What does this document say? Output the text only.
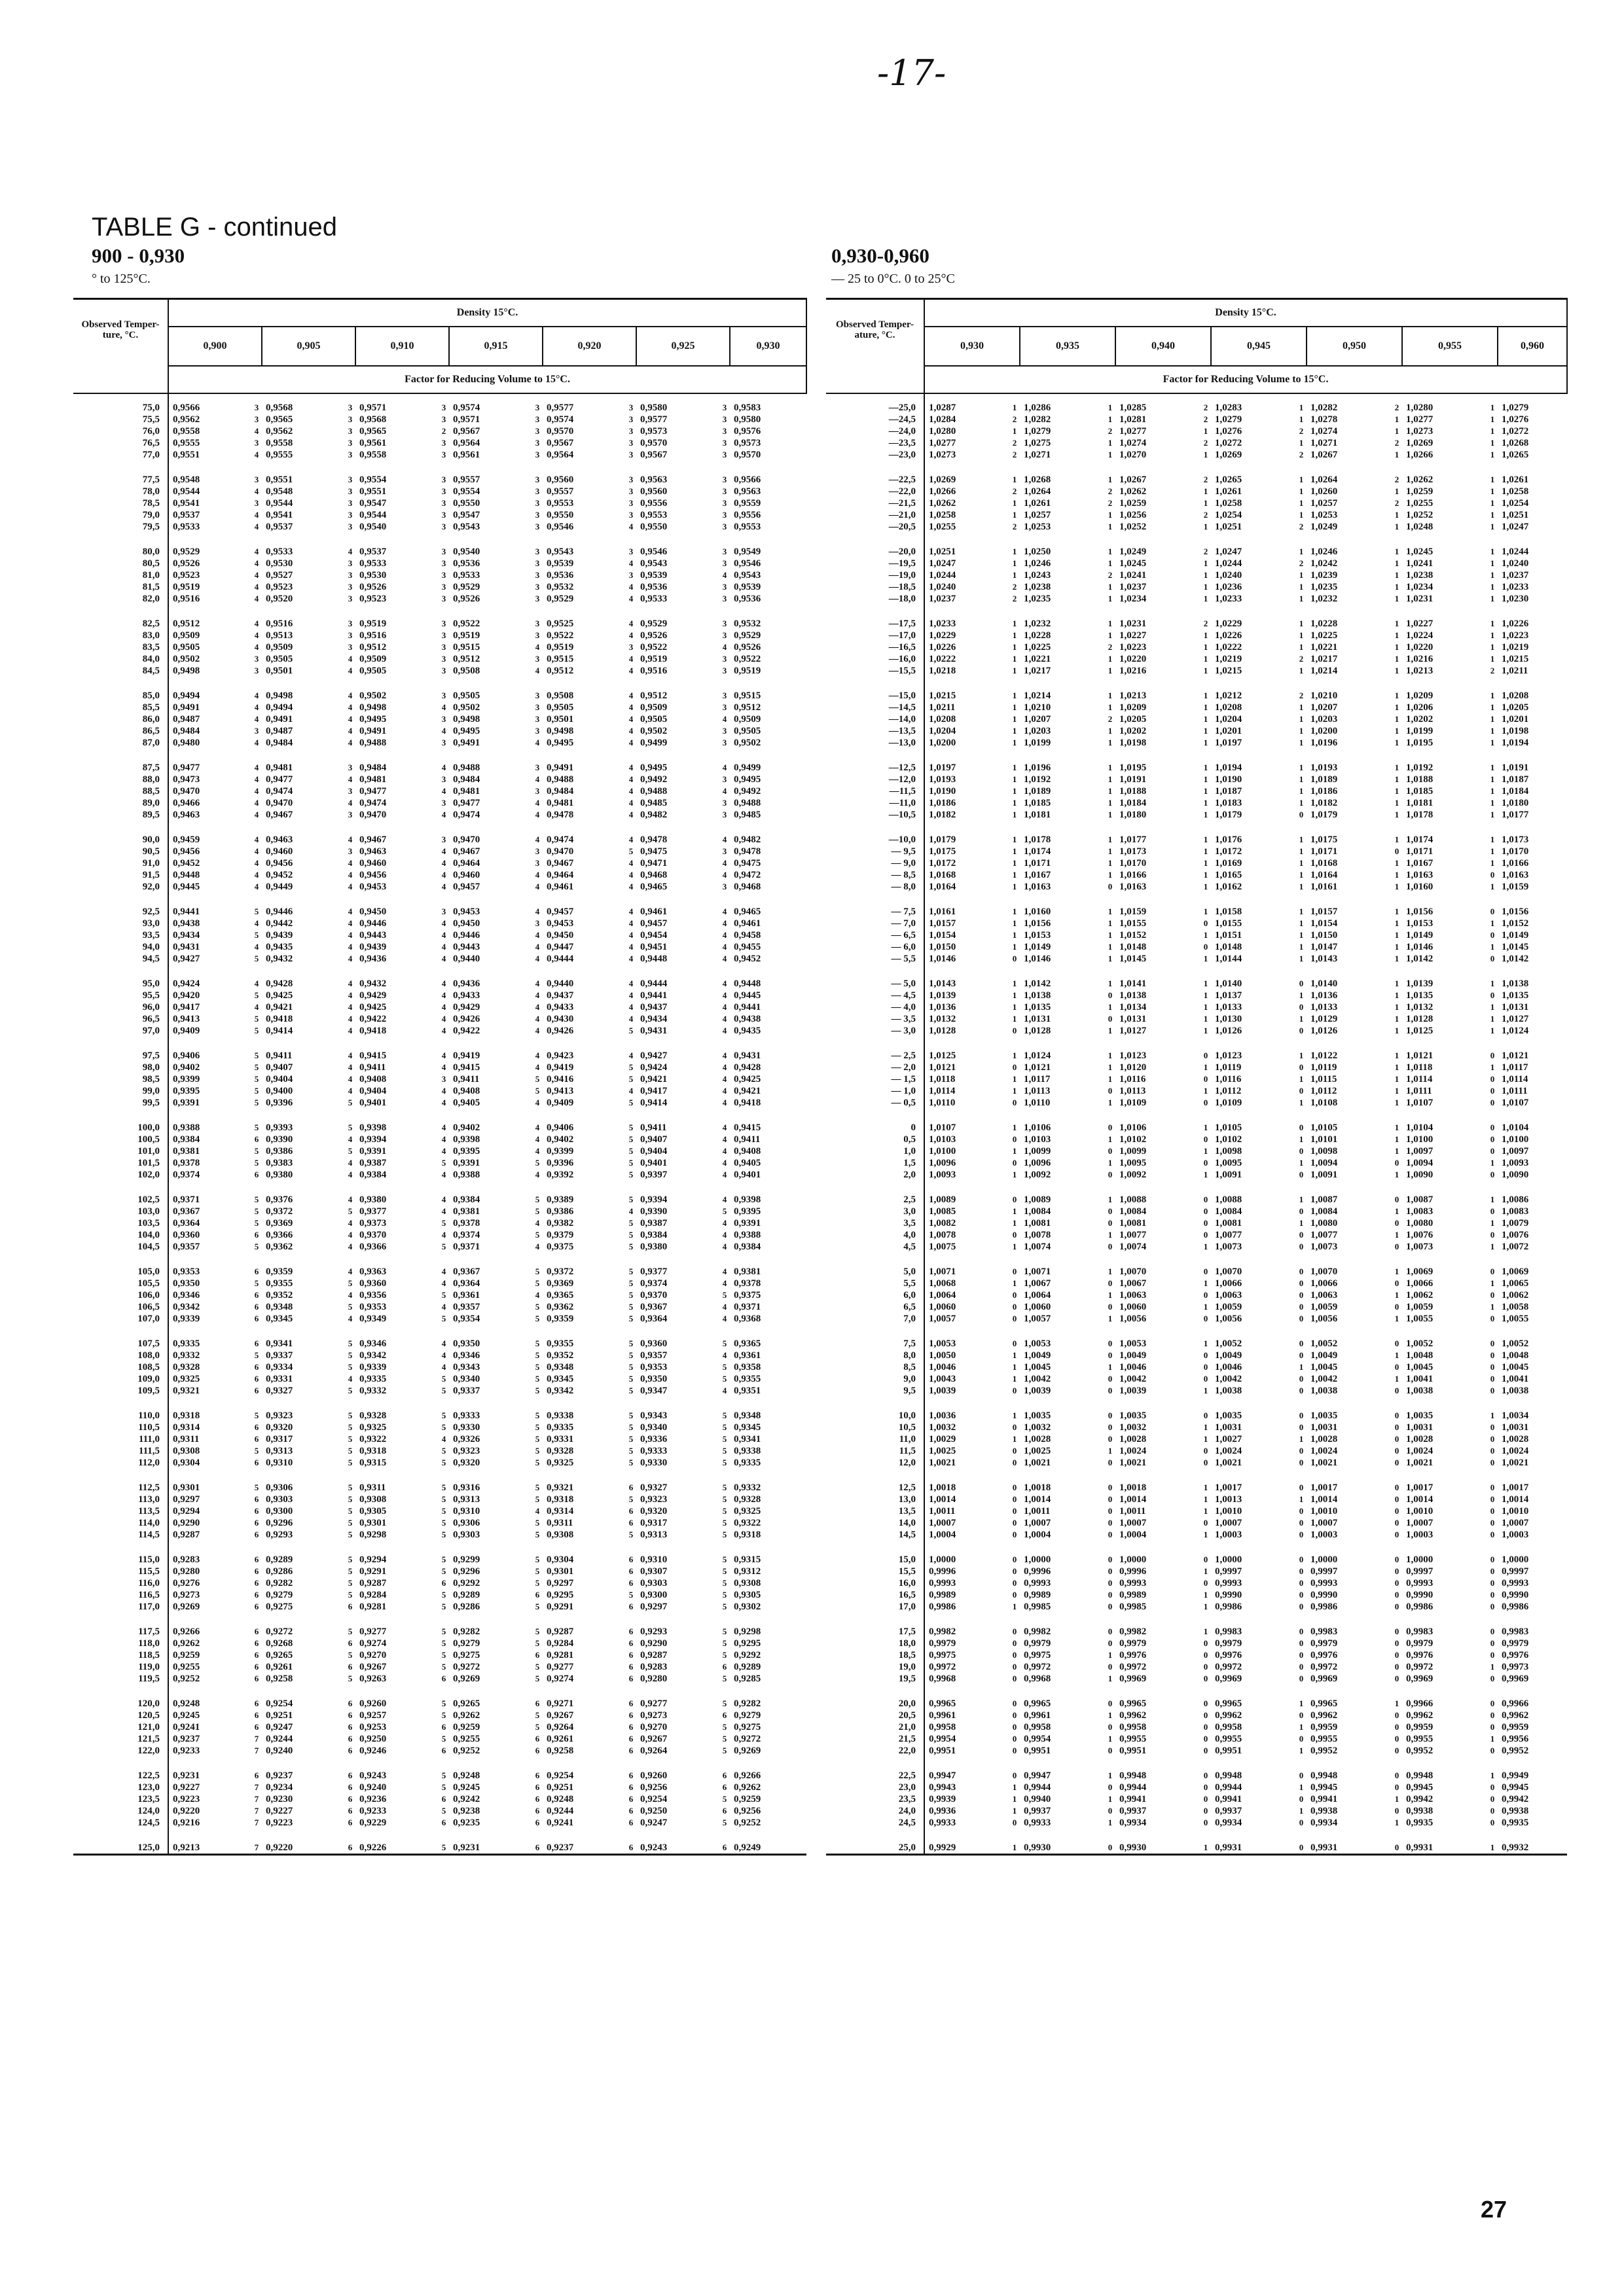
-17-
TABLE G - continued
900 - 0,930
° to 125°C.
0,930-0,960
— 25 to 0°C. 0 to 25°C
Observed Temper- ture, °C.	Density 15°C.												
	0,900		0,905		0,910		0,915		0,920		0,925		0,930
	Factor for Reducing Volume to 15°C.												

75,0	0,9566	3	0,9568	3	0,9571	3	0,9574	3	0,9577	3	0,9580	3	0,9583
75,5	0,9562	3	0,9565	3	0,9568	3	0,9571	3	0,9574	3	0,9577	3	0,9580
76,0	0,9558	4	0,9562	3	0,9565	2	0,9567	3	0,9570	3	0,9573	3	0,9576
76,5	0,9555	3	0,9558	3	0,9561	3	0,9564	3	0,9567	3	0,9570	3	0,9573
77,0	0,9551	4	0,9555	3	0,9558	3	0,9561	3	0,9564	3	0,9567	3	0,9570

77,5	0,9548	3	0,9551	3	0,9554	3	0,9557	3	0,9560	3	0,9563	3	0,9566
78,0	0,9544	4	0,9548	3	0,9551	3	0,9554	3	0,9557	3	0,9560	3	0,9563
78,5	0,9541	3	0,9544	3	0,9547	3	0,9550	3	0,9553	3	0,9556	3	0,9559
79,0	0,9537	4	0,9541	3	0,9544	3	0,9547	3	0,9550	3	0,9553	3	0,9556
79,5	0,9533	4	0,9537	3	0,9540	3	0,9543	3	0,9546	4	0,9550	3	0,9553

80,0	0,9529	4	0,9533	4	0,9537	3	0,9540	3	0,9543	3	0,9546	3	0,9549
80,5	0,9526	4	0,9530	3	0,9533	3	0,9536	3	0,9539	4	0,9543	3	0,9546
81,0	0,9523	4	0,9527	3	0,9530	3	0,9533	3	0,9536	3	0,9539	4	0,9543
81,5	0,9519	4	0,9523	3	0,9526	3	0,9529	3	0,9532	4	0,9536	3	0,9539
82,0	0,9516	4	0,9520	3	0,9523	3	0,9526	3	0,9529	4	0,9533	3	0,9536

82,5	0,9512	4	0,9516	3	0,9519	3	0,9522	3	0,9525	4	0,9529	3	0,9532
83,0	0,9509	4	0,9513	3	0,9516	3	0,9519	3	0,9522	4	0,9526	3	0,9529
83,5	0,9505	4	0,9509	3	0,9512	3	0,9515	4	0,9519	3	0,9522	4	0,9526
84,0	0,9502	3	0,9505	4	0,9509	3	0,9512	3	0,9515	4	0,9519	3	0,9522
84,5	0,9498	3	0,9501	4	0,9505	3	0,9508	4	0,9512	4	0,9516	3	0,9519

85,0	0,9494	4	0,9498	4	0,9502	3	0,9505	3	0,9508	4	0,9512	3	0,9515
85,5	0,9491	4	0,9494	4	0,9498	4	0,9502	3	0,9505	4	0,9509	3	0,9512
86,0	0,9487	4	0,9491	4	0,9495	3	0,9498	3	0,9501	4	0,9505	4	0,9509
86,5	0,9484	3	0,9487	4	0,9491	4	0,9495	3	0,9498	4	0,9502	3	0,9505
87,0	0,9480	4	0,9484	4	0,9488	3	0,9491	4	0,9495	4	0,9499	3	0,9502

87,5	0,9477	4	0,9481	3	0,9484	4	0,9488	3	0,9491	4	0,9495	4	0,9499
88,0	0,9473	4	0,9477	4	0,9481	3	0,9484	4	0,9488	4	0,9492	3	0,9495
88,5	0,9470	4	0,9474	3	0,9477	4	0,9481	3	0,9484	4	0,9488	4	0,9492
89,0	0,9466	4	0,9470	4	0,9474	3	0,9477	4	0,9481	4	0,9485	3	0,9488
89,5	0,9463	4	0,9467	3	0,9470	4	0,9474	4	0,9478	4	0,9482	3	0,9485

90,0	0,9459	4	0,9463	4	0,9467	3	0,9470	4	0,9474	4	0,9478	4	0,9482
90,5	0,9456	4	0,9460	3	0,9463	4	0,9467	3	0,9470	5	0,9475	3	0,9478
91,0	0,9452	4	0,9456	4	0,9460	4	0,9464	3	0,9467	4	0,9471	4	0,9475
91,5	0,9448	4	0,9452	4	0,9456	4	0,9460	4	0,9464	4	0,9468	4	0,9472
92,0	0,9445	4	0,9449	4	0,9453	4	0,9457	4	0,9461	4	0,9465	3	0,9468

92,5	0,9441	5	0,9446	4	0,9450	3	0,9453	4	0,9457	4	0,9461	4	0,9465
93,0	0,9438	4	0,9442	4	0,9446	4	0,9450	3	0,9453	4	0,9457	4	0,9461
93,5	0,9434	5	0,9439	4	0,9443	4	0,9446	4	0,9450	4	0,9454	4	0,9458
94,0	0,9431	4	0,9435	4	0,9439	4	0,9443	4	0,9447	4	0,9451	4	0,9455
94,5	0,9427	5	0,9432	4	0,9436	4	0,9440	4	0,9444	4	0,9448	4	0,9452

95,0	0,9424	4	0,9428	4	0,9432	4	0,9436	4	0,9440	4	0,9444	4	0,9448
95,5	0,9420	5	0,9425	4	0,9429	4	0,9433	4	0,9437	4	0,9441	4	0,9445
96,0	0,9417	4	0,9421	4	0,9425	4	0,9429	4	0,9433	4	0,9437	4	0,9441
96,5	0,9413	5	0,9418	4	0,9422	4	0,9426	4	0,9430	4	0,9434	4	0,9438
97,0	0,9409	5	0,9414	4	0,9418	4	0,9422	4	0,9426	5	0,9431	4	0,9435

97,5	0,9406	5	0,9411	4	0,9415	4	0,9419	4	0,9423	4	0,9427	4	0,9431
98,0	0,9402	5	0,9407	4	0,9411	4	0,9415	4	0,9419	5	0,9424	4	0,9428
98,5	0,9399	5	0,9404	4	0,9408	3	0,9411	5	0,9416	5	0,9421	4	0,9425
99,0	0,9395	5	0,9400	4	0,9404	4	0,9408	5	0,9413	4	0,9417	4	0,9421
99,5	0,9391	5	0,9396	5	0,9401	4	0,9405	4	0,9409	5	0,9414	4	0,9418

100,0	0,9388	5	0,9393	5	0,9398	4	0,9402	4	0,9406	5	0,9411	4	0,9415
100,5	0,9384	6	0,9390	4	0,9394	4	0,9398	4	0,9402	5	0,9407	4	0,9411
101,0	0,9381	5	0,9386	5	0,9391	4	0,9395	4	0,9399	5	0,9404	4	0,9408
101,5	0,9378	5	0,9383	4	0,9387	5	0,9391	5	0,9396	5	0,9401	4	0,9405
102,0	0,9374	6	0,9380	4	0,9384	4	0,9388	4	0,9392	5	0,9397	4	0,9401

102,5	0,9371	5	0,9376	4	0,9380	4	0,9384	5	0,9389	5	0,9394	4	0,9398
103,0	0,9367	5	0,9372	5	0,9377	4	0,9381	5	0,9386	4	0,9390	5	0,9395
103,5	0,9364	5	0,9369	4	0,9373	5	0,9378	4	0,9382	5	0,9387	4	0,9391
104,0	0,9360	6	0,9366	4	0,9370	4	0,9374	5	0,9379	5	0,9384	4	0,9388
104,5	0,9357	5	0,9362	4	0,9366	5	0,9371	4	0,9375	5	0,9380	4	0,9384

105,0	0,9353	6	0,9359	4	0,9363	4	0,9367	5	0,9372	5	0,9377	4	0,9381
105,5	0,9350	5	0,9355	5	0,9360	4	0,9364	5	0,9369	5	0,9374	4	0,9378
106,0	0,9346	6	0,9352	4	0,9356	5	0,9361	4	0,9365	5	0,9370	5	0,9375
106,5	0,9342	6	0,9348	5	0,9353	4	0,9357	5	0,9362	5	0,9367	4	0,9371
107,0	0,9339	6	0,9345	4	0,9349	5	0,9354	5	0,9359	5	0,9364	4	0,9368

107,5	0,9335	6	0,9341	5	0,9346	4	0,9350	5	0,9355	5	0,9360	5	0,9365
108,0	0,9332	5	0,9337	5	0,9342	4	0,9346	5	0,9352	5	0,9357	4	0,9361
108,5	0,9328	6	0,9334	5	0,9339	4	0,9343	5	0,9348	5	0,9353	5	0,9358
109,0	0,9325	6	0,9331	4	0,9335	5	0,9340	5	0,9345	5	0,9350	5	0,9355
109,5	0,9321	6	0,9327	5	0,9332	5	0,9337	5	0,9342	5	0,9347	4	0,9351

110,0	0,9318	5	0,9323	5	0,9328	5	0,9333	5	0,9338	5	0,9343	5	0,9348
110,5	0,9314	6	0,9320	5	0,9325	5	0,9330	5	0,9335	5	0,9340	5	0,9345
111,0	0,9311	6	0,9317	5	0,9322	4	0,9326	5	0,9331	5	0,9336	5	0,9341
111,5	0,9308	5	0,9313	5	0,9318	5	0,9323	5	0,9328	5	0,9333	5	0,9338
112,0	0,9304	6	0,9310	5	0,9315	5	0,9320	5	0,9325	5	0,9330	5	0,9335

112,5	0,9301	5	0,9306	5	0,9311	5	0,9316	5	0,9321	6	0,9327	5	0,9332
113,0	0,9297	6	0,9303	5	0,9308	5	0,9313	5	0,9318	5	0,9323	5	0,9328
113,5	0,9294	6	0,9300	5	0,9305	5	0,9310	4	0,9314	6	0,9320	5	0,9325
114,0	0,9290	6	0,9296	5	0,9301	5	0,9306	5	0,9311	6	0,9317	5	0,9322
114,5	0,9287	6	0,9293	5	0,9298	5	0,9303	5	0,9308	5	0,9313	5	0,9318

115,0	0,9283	6	0,9289	5	0,9294	5	0,9299	5	0,9304	6	0,9310	5	0,9315
115,5	0,9280	6	0,9286	5	0,9291	5	0,9296	5	0,9301	6	0,9307	5	0,9312
116,0	0,9276	6	0,9282	5	0,9287	6	0,9292	5	0,9297	6	0,9303	5	0,9308
116,5	0,9273	6	0,9279	5	0,9284	5	0,9289	6	0,9295	5	0,9300	5	0,9305
117,0	0,9269	6	0,9275	6	0,9281	5	0,9286	5	0,9291	6	0,9297	5	0,9302

117,5	0,9266	6	0,9272	5	0,9277	5	0,9282	5	0,9287	6	0,9293	5	0,9298
118,0	0,9262	6	0,9268	6	0,9274	5	0,9279	5	0,9284	6	0,9290	5	0,9295
118,5	0,9259	6	0,9265	5	0,9270	5	0,9275	6	0,9281	6	0,9287	5	0,9292
119,0	0,9255	6	0,9261	6	0,9267	5	0,9272	5	0,9277	6	0,9283	6	0,9289
119,5	0,9252	6	0,9258	5	0,9263	6	0,9269	5	0,9274	6	0,9280	5	0,9285

120,0	0,9248	6	0,9254	6	0,9260	5	0,9265	6	0,9271	6	0,9277	5	0,9282
120,5	0,9245	6	0,9251	6	0,9257	5	0,9262	5	0,9267	6	0,9273	6	0,9279
121,0	0,9241	6	0,9247	6	0,9253	6	0,9259	5	0,9264	6	0,9270	5	0,9275
121,5	0,9237	7	0,9244	6	0,9250	5	0,9255	6	0,9261	6	0,9267	5	0,9272
122,0	0,9233	7	0,9240	6	0,9246	6	0,9252	6	0,9258	6	0,9264	5	0,9269

122,5	0,9231	6	0,9237	6	0,9243	5	0,9248	6	0,9254	6	0,9260	6	0,9266
123,0	0,9227	7	0,9234	6	0,9240	5	0,9245	6	0,9251	6	0,9256	6	0,9262
123,5	0,9223	7	0,9230	6	0,9236	6	0,9242	6	0,9248	6	0,9254	5	0,9259
124,0	0,9220	7	0,9227	6	0,9233	5	0,9238	6	0,9244	6	0,9250	6	0,9256
124,5	0,9216	7	0,9223	6	0,9229	6	0,9235	6	0,9241	6	0,9247	5	0,9252

125,0	0,9213	7	0,9220	6	0,9226	5	0,9231	6	0,9237	6	0,9243	6	0,9249
Observed Temper- ature, °C.	Density 15°C.												
	0,930		0,935		0,940		0,945		0,950		0,955		0,960
	Factor for Reducing Volume to 15°C.												

—25,0	1,0287	1	1,0286	1	1,0285	2	1,0283	1	1,0282	2	1,0280	1	1,0279
—24,5	1,0284	2	1,0282	1	1,0281	2	1,0279	1	1,0278	1	1,0277	1	1,0276
—24,0	1,0280	1	1,0279	2	1,0277	1	1,0276	2	1,0274	1	1,0273	1	1,0272
—23,5	1,0277	2	1,0275	1	1,0274	2	1,0272	1	1,0271	2	1,0269	1	1,0268
—23,0	1,0273	2	1,0271	1	1,0270	1	1,0269	2	1,0267	1	1,0266	1	1,0265

—22,5	1,0269	1	1,0268	1	1,0267	2	1,0265	1	1,0264	2	1,0262	1	1,0261
—22,0	1,0266	2	1,0264	2	1,0262	1	1,0261	1	1,0260	1	1,0259	1	1,0258
—21,5	1,0262	1	1,0261	2	1,0259	1	1,0258	1	1,0257	2	1,0255	1	1,0254
—21,0	1,0258	1	1,0257	1	1,0256	2	1,0254	1	1,0253	1	1,0252	1	1,0251
—20,5	1,0255	2	1,0253	1	1,0252	1	1,0251	2	1,0249	1	1,0248	1	1,0247

—20,0	1,0251	1	1,0250	1	1,0249	2	1,0247	1	1,0246	1	1,0245	1	1,0244
—19,5	1,0247	1	1,0246	1	1,0245	1	1,0244	2	1,0242	1	1,0241	1	1,0240
—19,0	1,0244	1	1,0243	2	1,0241	1	1,0240	1	1,0239	1	1,0238	1	1,0237
—18,5	1,0240	2	1,0238	1	1,0237	1	1,0236	1	1,0235	1	1,0234	1	1,0233
—18,0	1,0237	2	1,0235	1	1,0234	1	1,0233	1	1,0232	1	1,0231	1	1,0230

—17,5	1,0233	1	1,0232	1	1,0231	2	1,0229	1	1,0228	1	1,0227	1	1,0226
—17,0	1,0229	1	1,0228	1	1,0227	1	1,0226	1	1,0225	1	1,0224	1	1,0223
—16,5	1,0226	1	1,0225	2	1,0223	1	1,0222	1	1,0221	1	1,0220	1	1,0219
—16,0	1,0222	1	1,0221	1	1,0220	1	1,0219	2	1,0217	1	1,0216	1	1,0215
—15,5	1,0218	1	1,0217	1	1,0216	1	1,0215	1	1,0214	1	1,0213	2	1,0211

—15,0	1,0215	1	1,0214	1	1,0213	1	1,0212	2	1,0210	1	1,0209	1	1,0208
—14,5	1,0211	1	1,0210	1	1,0209	1	1,0208	1	1,0207	1	1,0206	1	1,0205
—14,0	1,0208	1	1,0207	2	1,0205	1	1,0204	1	1,0203	1	1,0202	1	1,0201
—13,5	1,0204	1	1,0203	1	1,0202	1	1,0201	1	1,0200	1	1,0199	1	1,0198
—13,0	1,0200	1	1,0199	1	1,0198	1	1,0197	1	1,0196	1	1,0195	1	1,0194

—12,5	1,0197	1	1,0196	1	1,0195	1	1,0194	1	1,0193	1	1,0192	1	1,0191
—12,0	1,0193	1	1,0192	1	1,0191	1	1,0190	1	1,0189	1	1,0188	1	1,0187
—11,5	1,0190	1	1,0189	1	1,0188	1	1,0187	1	1,0186	1	1,0185	1	1,0184
—11,0	1,0186	1	1,0185	1	1,0184	1	1,0183	1	1,0182	1	1,0181	1	1,0180
—10,5	1,0182	1	1,0181	1	1,0180	1	1,0179	0	1,0179	1	1,0178	1	1,0177

—10,0	1,0179	1	1,0178	1	1,0177	1	1,0176	1	1,0175	1	1,0174	1	1,0173
— 9,5	1,0175	1	1,0174	1	1,0173	1	1,0172	1	1,0171	0	1,0171	1	1,0170
— 9,0	1,0172	1	1,0171	1	1,0170	1	1,0169	1	1,0168	1	1,0167	1	1,0166
— 8,5	1,0168	1	1,0167	1	1,0166	1	1,0165	1	1,0164	1	1,0163	0	1,0163
— 8,0	1,0164	1	1,0163	0	1,0163	1	1,0162	1	1,0161	1	1,0160	1	1,0159

— 7,5	1,0161	1	1,0160	1	1,0159	1	1,0158	1	1,0157	1	1,0156	0	1,0156
— 7,0	1,0157	1	1,0156	1	1,0155	0	1,0155	1	1,0154	1	1,0153	1	1,0152
— 6,5	1,0154	1	1,0153	1	1,0152	1	1,0151	1	1,0150	1	1,0149	0	1,0149
— 6,0	1,0150	1	1,0149	1	1,0148	0	1,0148	1	1,0147	1	1,0146	1	1,0145
— 5,5	1,0146	0	1,0146	1	1,0145	1	1,0144	1	1,0143	1	1,0142	0	1,0142

— 5,0	1,0143	1	1,0142	1	1,0141	1	1,0140	0	1,0140	1	1,0139	1	1,0138
— 4,5	1,0139	1	1,0138	0	1,0138	1	1,0137	1	1,0136	1	1,0135	0	1,0135
— 4,0	1,0136	1	1,0135	1	1,0134	1	1,0133	0	1,0133	1	1,0132	1	1,0131
— 3,5	1,0132	1	1,0131	0	1,0131	1	1,0130	1	1,0129	1	1,0128	1	1,0127
— 3,0	1,0128	0	1,0128	1	1,0127	1	1,0126	0	1,0126	1	1,0125	1	1,0124

— 2,5	1,0125	1	1,0124	1	1,0123	0	1,0123	1	1,0122	1	1,0121	0	1,0121
— 2,0	1,0121	0	1,0121	1	1,0120	1	1,0119	0	1,0119	1	1,0118	1	1,0117
— 1,5	1,0118	1	1,0117	1	1,0116	0	1,0116	1	1,0115	1	1,0114	0	1,0114
— 1,0	1,0114	1	1,0113	0	1,0113	1	1,0112	0	1,0112	1	1,0111	0	1,0111
— 0,5	1,0110	0	1,0110	1	1,0109	0	1,0109	1	1,0108	1	1,0107	0	1,0107

0	1,0107	1	1,0106	0	1,0106	1	1,0105	0	1,0105	1	1,0104	0	1,0104
0,5	1,0103	0	1,0103	1	1,0102	0	1,0102	1	1,0101	1	1,0100	0	1,0100
1,0	1,0100	1	1,0099	0	1,0099	1	1,0098	0	1,0098	1	1,0097	0	1,0097
1,5	1,0096	0	1,0096	1	1,0095	0	1,0095	1	1,0094	0	1,0094	1	1,0093
2,0	1,0093	1	1,0092	0	1,0092	1	1,0091	0	1,0091	1	1,0090	0	1,0090

2,5	1,0089	0	1,0089	1	1,0088	0	1,0088	1	1,0087	0	1,0087	1	1,0086
3,0	1,0085	1	1,0084	0	1,0084	0	1,0084	0	1,0084	1	1,0083	0	1,0083
3,5	1,0082	1	1,0081	0	1,0081	0	1,0081	1	1,0080	0	1,0080	1	1,0079
4,0	1,0078	0	1,0078	1	1,0077	0	1,0077	0	1,0077	1	1,0076	0	1,0076
4,5	1,0075	1	1,0074	0	1,0074	1	1,0073	0	1,0073	0	1,0073	1	1,0072

5,0	1,0071	0	1,0071	1	1,0070	0	1,0070	0	1,0070	1	1,0069	0	1,0069
5,5	1,0068	1	1,0067	0	1,0067	1	1,0066	0	1,0066	0	1,0066	1	1,0065
6,0	1,0064	0	1,0064	1	1,0063	0	1,0063	0	1,0063	1	1,0062	0	1,0062
6,5	1,0060	0	1,0060	0	1,0060	1	1,0059	0	1,0059	0	1,0059	1	1,0058
7,0	1,0057	0	1,0057	1	1,0056	0	1,0056	0	1,0056	1	1,0055	0	1,0055

7,5	1,0053	0	1,0053	0	1,0053	1	1,0052	0	1,0052	0	1,0052	0	1,0052
8,0	1,0050	1	1,0049	0	1,0049	0	1,0049	0	1,0049	1	1,0048	0	1,0048
8,5	1,0046	1	1,0045	1	1,0046	0	1,0046	1	1,0045	0	1,0045	0	1,0045
9,0	1,0043	1	1,0042	0	1,0042	0	1,0042	0	1,0042	1	1,0041	0	1,0041
9,5	1,0039	0	1,0039	0	1,0039	1	1,0038	0	1,0038	0	1,0038	0	1,0038

10,0	1,0036	1	1,0035	0	1,0035	0	1,0035	0	1,0035	0	1,0035	1	1,0034
10,5	1,0032	0	1,0032	0	1,0032	1	1,0031	0	1,0031	0	1,0031	0	1,0031
11,0	1,0029	1	1,0028	0	1,0028	1	1,0027	1	1,0028	0	1,0028	0	1,0028
11,5	1,0025	0	1,0025	1	1,0024	0	1,0024	0	1,0024	0	1,0024	0	1,0024
12,0	1,0021	0	1,0021	0	1,0021	0	1,0021	0	1,0021	0	1,0021	0	1,0021

12,5	1,0018	0	1,0018	0	1,0018	1	1,0017	0	1,0017	0	1,0017	0	1,0017
13,0	1,0014	0	1,0014	0	1,0014	1	1,0013	1	1,0014	0	1,0014	0	1,0014
13,5	1,0011	0	1,0011	0	1,0011	1	1,0010	0	1,0010	0	1,0010	0	1,0010
14,0	1,0007	0	1,0007	0	1,0007	0	1,0007	0	1,0007	0	1,0007	0	1,0007
14,5	1,0004	0	1,0004	0	1,0004	1	1,0003	0	1,0003	0	1,0003	0	1,0003

15,0	1,0000	0	1,0000	0	1,0000	0	1,0000	0	1,0000	0	1,0000	0	1,0000
15,5	0,9996	0	0,9996	0	0,9996	1	0,9997	0	0,9997	0	0,9997	0	0,9997
16,0	0,9993	0	0,9993	0	0,9993	0	0,9993	0	0,9993	0	0,9993	0	0,9993
16,5	0,9989	0	0,9989	0	0,9989	1	0,9990	0	0,9990	0	0,9990	0	0,9990
17,0	0,9986	1	0,9985	0	0,9985	1	0,9986	0	0,9986	0	0,9986	0	0,9986

17,5	0,9982	0	0,9982	0	0,9982	1	0,9983	0	0,9983	0	0,9983	0	0,9983
18,0	0,9979	0	0,9979	0	0,9979	0	0,9979	0	0,9979	0	0,9979	0	0,9979
18,5	0,9975	0	0,9975	1	0,9976	0	0,9976	0	0,9976	0	0,9976	0	0,9976
19,0	0,9972	0	0,9972	0	0,9972	0	0,9972	0	0,9972	0	0,9972	1	0,9973
19,5	0,9968	0	0,9968	1	0,9969	0	0,9969	0	0,9969	0	0,9969	0	0,9969

20,0	0,9965	0	0,9965	0	0,9965	0	0,9965	1	0,9965	1	0,9966	0	0,9966
20,5	0,9961	0	0,9961	1	0,9962	0	0,9962	0	0,9962	0	0,9962	0	0,9962
21,0	0,9958	0	0,9958	0	0,9958	0	0,9958	1	0,9959	0	0,9959	0	0,9959
21,5	0,9954	0	0,9954	1	0,9955	0	0,9955	0	0,9955	0	0,9955	1	0,9956
22,0	0,9951	0	0,9951	0	0,9951	0	0,9951	1	0,9952	0	0,9952	0	0,9952

22,5	0,9947	0	0,9947	1	0,9948	0	0,9948	0	0,9948	0	0,9948	1	0,9949
23,0	0,9943	1	0,9944	0	0,9944	0	0,9944	1	0,9945	0	0,9945	0	0,9945
23,5	0,9939	1	0,9940	1	0,9941	0	0,9941	0	0,9941	1	0,9942	0	0,9942
24,0	0,9936	1	0,9937	0	0,9937	0	0,9937	1	0,9938	0	0,9938	0	0,9938
24,5	0,9933	0	0,9933	1	0,9934	0	0,9934	0	0,9934	1	0,9935	0	0,9935

25,0	0,9929	1	0,9930	0	0,9930	1	0,9931	0	0,9931	0	0,9931	1	0,9932
27
